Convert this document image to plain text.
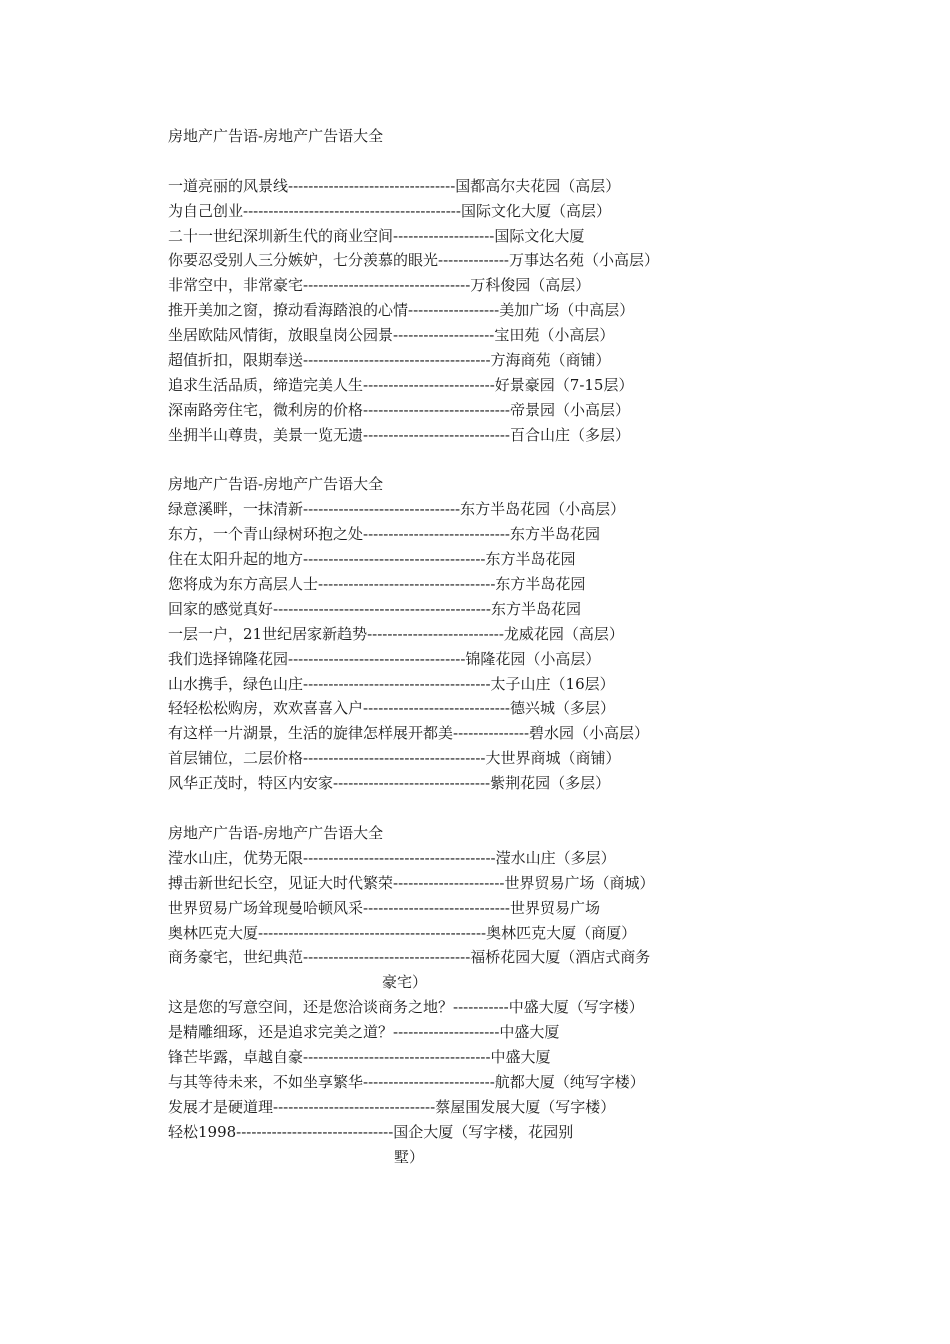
房地产广告语-房地产广告语大全
一道亮丽的风景线---------------------------------国都高尔夫花园（高层）
为自己创业-------------------------------------------国际文化大厦（高层）
二十一世纪深圳新生代的商业空间--------------------国际文化大厦
你要忍受别人三分嫉妒，七分羡慕的眼光--------------万事达名苑（小高层）
非常空中，非常豪宅---------------------------------万科俊园（高层）
推开美加之窗，撩动看海踏浪的心情------------------美加广场（中高层）
坐居欧陆风情街，放眼皇岗公园景--------------------宝田苑（小高层）
超值折扣，限期奉送-------------------------------------方海商苑（商铺）
追求生活品质，缔造完美人生--------------------------好景豪园（7-15层）
深南路旁住宅，微利房的价格-----------------------------帝景园（小高层）
坐拥半山尊贵，美景一览无遗-----------------------------百合山庄（多层）
房地产广告语-房地产广告语大全
绿意溪畔，一抹清新-------------------------------东方半岛花园（小高层）
东方，一个青山绿树环抱之处-----------------------------东方半岛花园
住在太阳升起的地方------------------------------------东方半岛花园
您将成为东方高层人士-----------------------------------东方半岛花园
回家的感觉真好-------------------------------------------东方半岛花园
一层一户，21世纪居家新趋势---------------------------龙威花园（高层）
我们选择锦隆花园-----------------------------------锦隆花园（小高层）
山水携手，绿色山庄-------------------------------------太子山庄（16层）
轻轻松松购房，欢欢喜喜入户-----------------------------德兴城（多层）
有这样一片湖景，生活的旋律怎样展开都美---------------碧水园（小高层）
首层铺位，二层价格------------------------------------大世界商城（商铺）
风华正茂时，特区内安家-------------------------------紫荆花园（多层）
房地产广告语-房地产广告语大全
滢水山庄，优势无限--------------------------------------滢水山庄（多层）
搏击新世纪长空，见证大时代繁荣----------------------世界贸易广场（商城）
世界贸易广场耸现曼哈顿风采-----------------------------世界贸易广场
奥林匹克大厦---------------------------------------------奥林匹克大厦（商厦）
商务豪宅，世纪典范---------------------------------福桥花园大厦（酒店式商务
豪宅）
这是您的写意空间，还是您洽谈商务之地？-----------中盛大厦（写字楼）
是精雕细琢，还是追求完美之道？---------------------中盛大厦
锋芒毕露，卓越自豪-------------------------------------中盛大厦
与其等待未来，不如坐享繁华--------------------------航都大厦（纯写字楼）
发展才是硬道理--------------------------------蔡屋围发展大厦（写字楼）
轻松1998-------------------------------国企大厦（写字楼，花园别
墅）
